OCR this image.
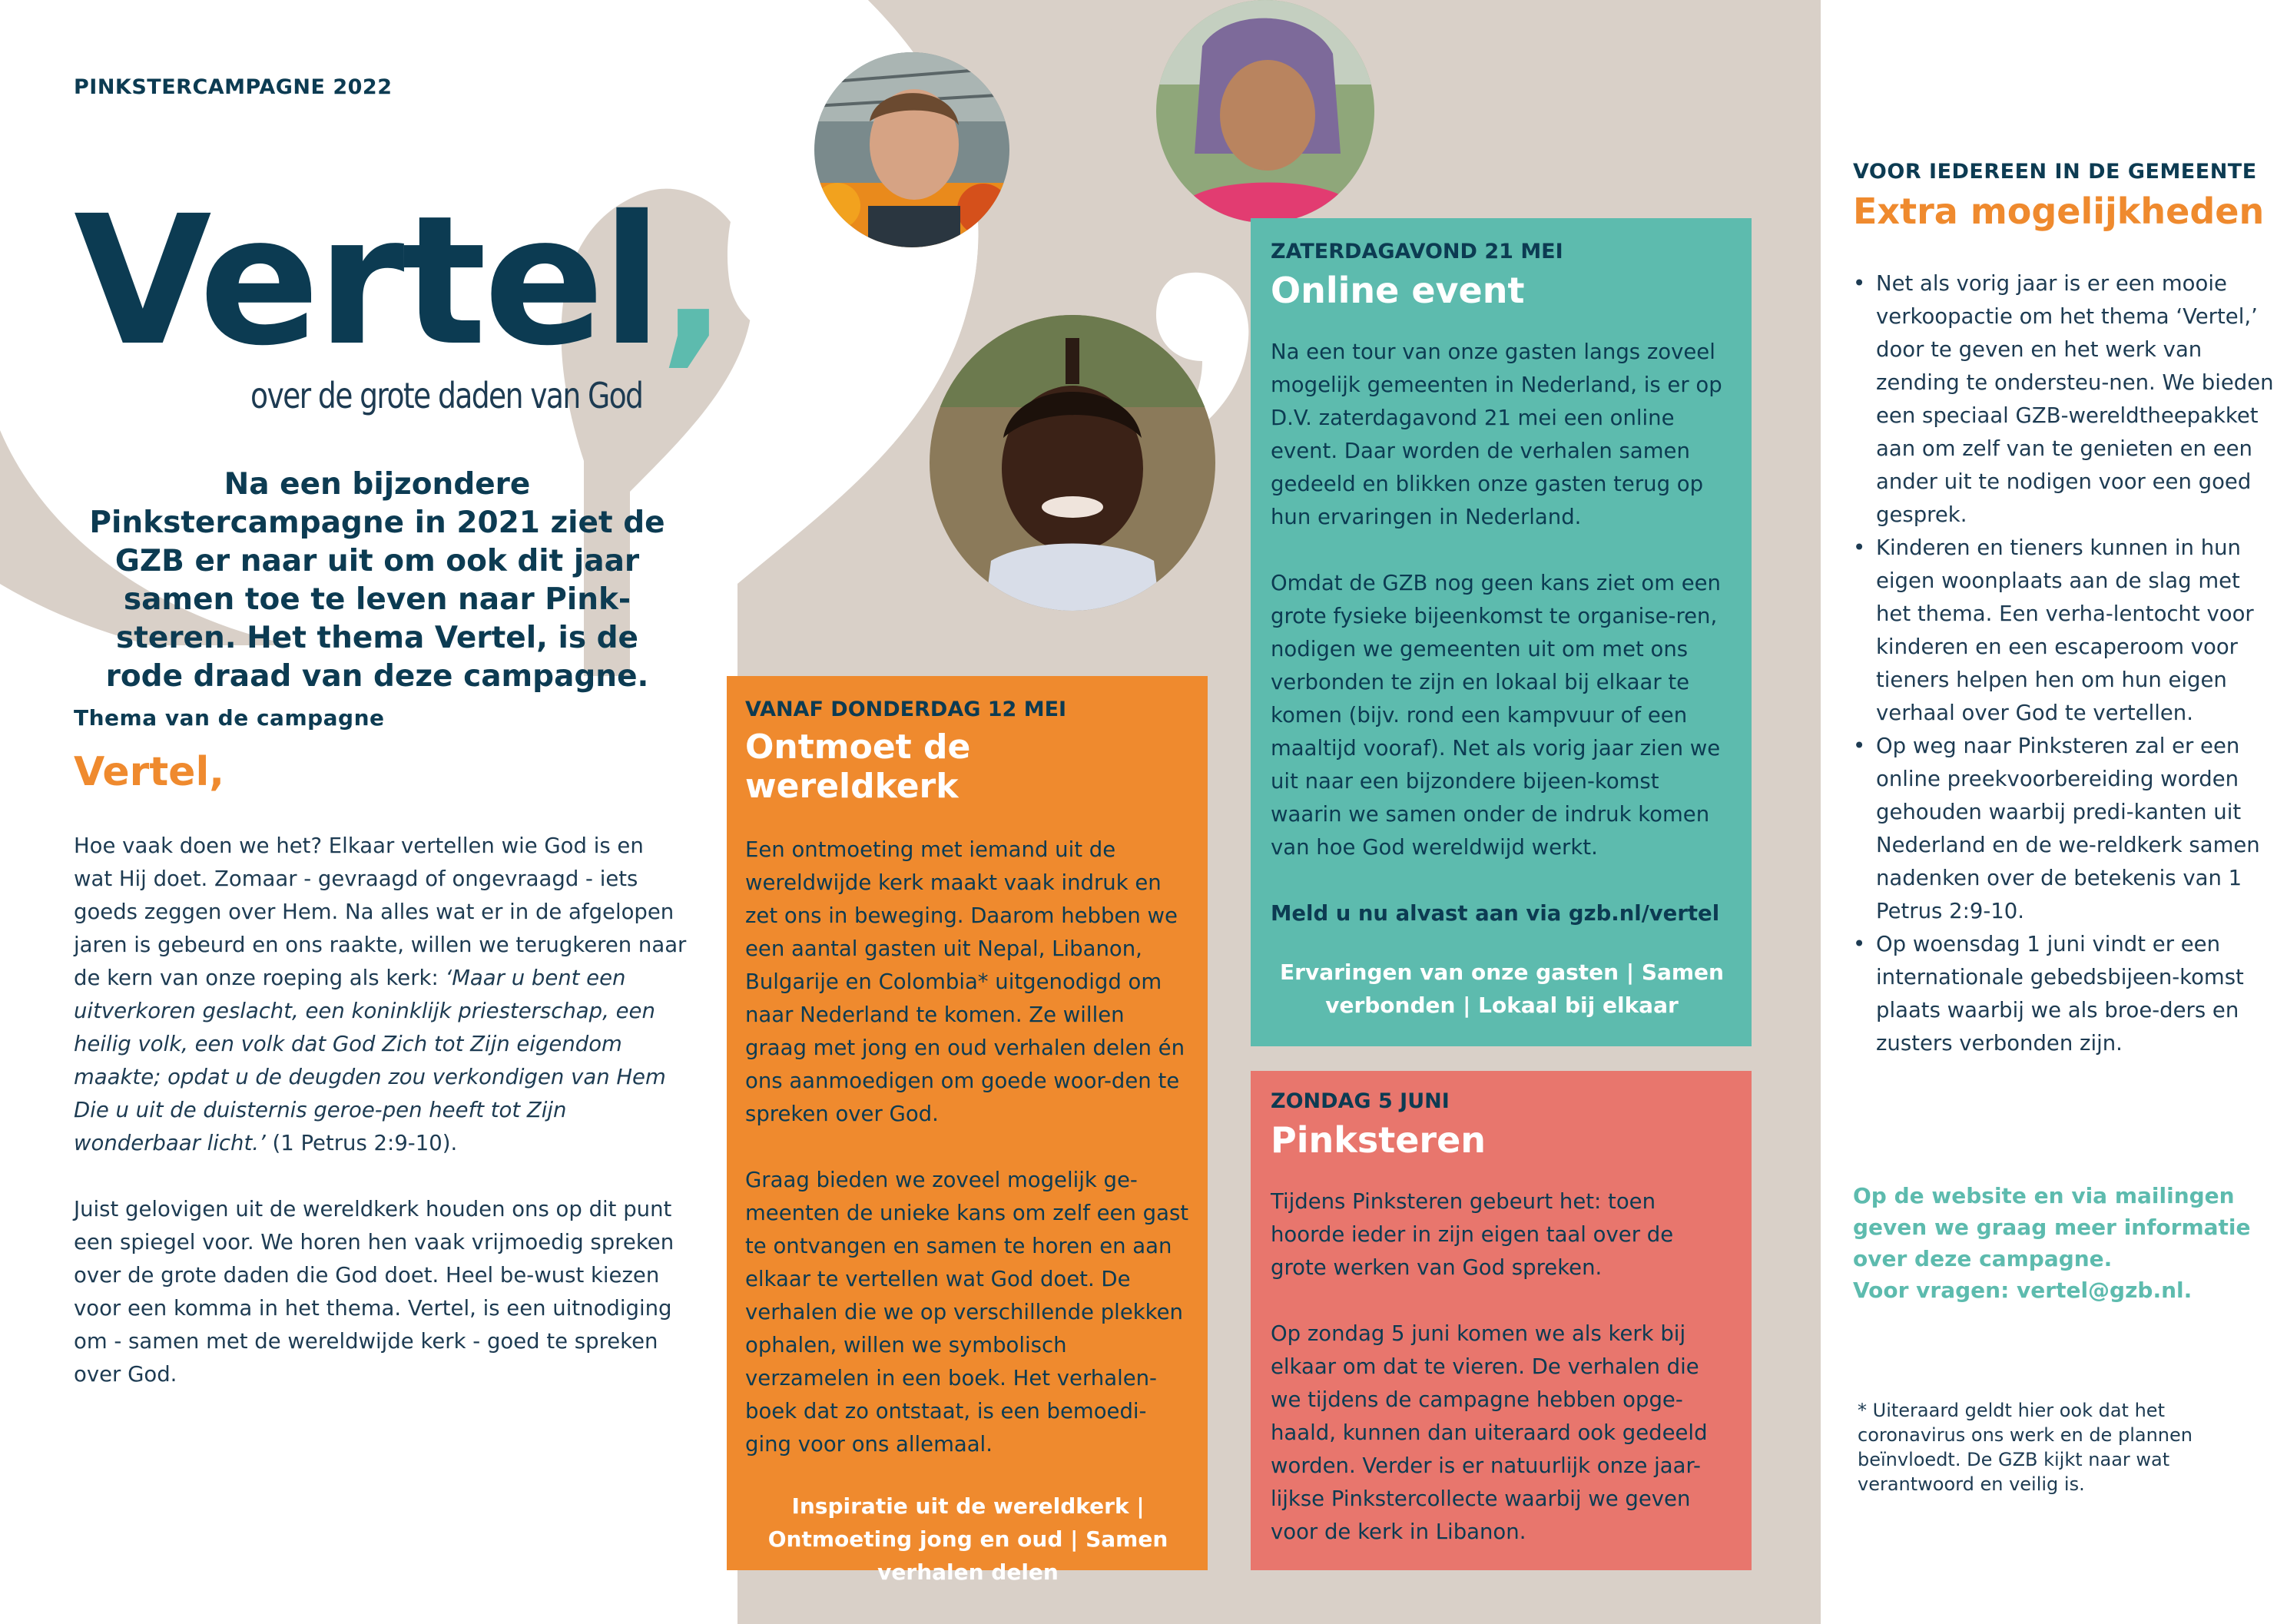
PINKSTERCAMPAGNE 2022
Vertel,
over de grote daden van God
Na een bijzondere Pinkstercampagne in 2021 ziet de GZB er naar uit om ook dit jaar samen toe te leven naar Pink-steren. Het thema Vertel, is de rode draad van deze campagne.
Thema van de campagne
Vertel,

Hoe vaak doen we het? Elkaar vertellen wie God is en wat Hij doet. Zomaar - gevraagd of ongevraagd - iets goeds zeggen over Hem. Na alles wat er in de afgelopen jaren is gebeurd en ons raakte, willen we terugkeren naar de kern van onze roeping als kerk: ‘Maar u bent een uitverkoren geslacht, een koninklijk priesterschap, een heilig volk, een volk dat God Zich tot Zijn eigendom maakte; opdat u de deugden zou verkondigen van Hem Die u uit de duisternis geroe-pen heeft tot Zijn wonderbaar licht.’ (1 Petrus 2:9-10).

Juist gelovigen uit de wereldkerk houden ons op dit punt een spiegel voor. We horen hen vaak vrijmoedig spreken over de grote daden die God doet. Heel be-wust kiezen voor een komma in het thema. Vertel, is een uitnodiging om - samen met de wereldwijde kerk - goed te spreken over God.

www.gzb.nl/vertel
VANAF DONDERDAG 12 MEI
Ontmoet de wereldkerk

Een ontmoeting met iemand uit de wereldwijde kerk maakt vaak indruk en zet ons in beweging. Daarom hebben we een aantal gasten uit Nepal, Libanon, Bulgarije en Colombia* uitgenodigd om naar Nederland te komen. Ze willen graag met jong en oud verhalen delen én ons aanmoedigen om goede woor-den te spreken over God.

Graag bieden we zoveel mogelijk ge-meenten de unieke kans om zelf een gast te ontvangen en samen te horen en aan elkaar te vertellen wat God doet. De verhalen die we op verschillende plekken ophalen, willen we symbolisch verzamelen in een boek. Het verhalen-boek dat zo ontstaat, is een bemoedi-ging voor ons allemaal.

Inspiratie uit de wereldkerk | Ontmoeting jong en oud | Samen verhalen delen
ZATERDAGAVOND 21 MEI
Online event

Na een tour van onze gasten langs zoveel mogelijk gemeenten in Nederland, is er op D.V. zaterdagavond 21 mei een online event. Daar worden de verhalen samen gedeeld en blikken onze gasten terug op hun ervaringen in Nederland.

Omdat de GZB nog geen kans ziet om een grote fysieke bijeenkomst te organise-ren, nodigen we gemeenten uit om met ons verbonden te zijn en lokaal bij elkaar te komen (bijv. rond een kampvuur of een maaltijd vooraf). Net als vorig jaar zien we uit naar een bijzondere bijeen-komst waarin we samen onder de indruk komen van hoe God wereldwijd werkt.

Meld u nu alvast aan via gzb.nl/vertel

Ervaringen van onze gasten | Samen verbonden | Lokaal bij elkaar
ZONDAG 5 JUNI
Pinksteren

Tijdens Pinksteren gebeurt het: toen hoorde ieder in zijn eigen taal over de grote werken van God spreken.

Op zondag 5 juni komen we als kerk bij elkaar om dat te vieren. De verhalen die we tijdens de campagne hebben opge-haald, kunnen dan uiteraard ook gedeeld worden. Verder is er natuurlijk onze jaar-lijkse Pinkstercollecte waarbij we geven voor de kerk in Libanon.

VOOR IEDEREEN IN DE GEMEENTE
Extra mogelijkheden
• Net als vorig jaar is er een mooie verkoopactie om het thema ‘Vertel,’ door te geven en het werk van zending te onderstеu-nen. We bieden een speciaal GZB-wereldtheepakket aan om zelf van te genieten en een ander uit te nodigen voor een goed gesprek.
• Kinderen en tieners kunnen in hun eigen woonplaats aan de slag met het thema. Een verha-lentocht voor kinderen en een escaperoom voor tieners helpen hen om hun eigen verhaal over God te vertellen.
• Op weg naar Pinksteren zal er een online preekvoorbereiding worden gehouden waarbij predi-kanten uit Nederland en de we-reldkerk samen nadenken over de betekenis van 1 Petrus 2:9-10.
• Op woensdag 1 juni vindt er een internationale gebedsbijeen-komst plaats waarbij we als broe-ders en zusters verbonden zijn.
Op de website en via mailingen geven we graag meer informatie over deze campagne.
Voor vragen: vertel@gzb.nl.
* Uiteraard geldt hier ook dat het coronavirus ons werk en de plannen beïnvloedt. De GZB kijkt naar wat verantwoord en veilig is.
